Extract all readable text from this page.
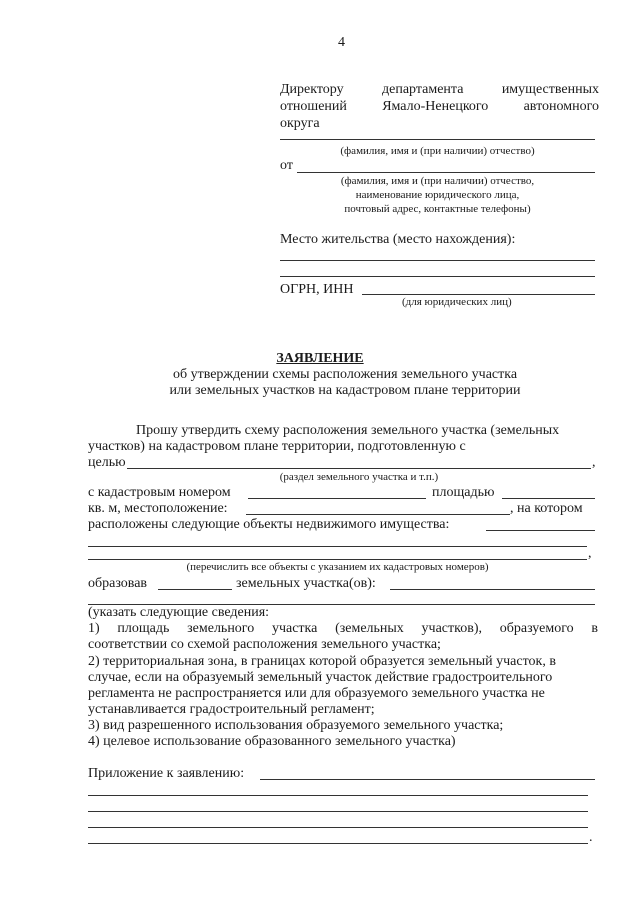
4
Директору	департамента	имущественных
отношений	Ямало-Ненецкого	автономного
округа
(фамилия, имя и (при наличии) отчество)
от
(фамилия, имя и (при наличии) отчество,
наименование юридического лица,
почтовый адрес, контактные телефоны)
Место жительства (место нахождения):
ОГРН, ИНН
(для юридических лиц)
ЗАЯВЛЕНИЕ
об утверждении схемы расположения земельного участка
или земельных участков на кадастровом плане территории
Прошу утвердить схему расположения земельного участка (земельных
участков) на кадастровом плане территории, подготовленную с
целью	,
(раздел земельного участка и т.п.)
с кадастровым номером	площадью
кв. м, местоположение:	, на котором
расположены следующие объекты недвижимого имущества:
,
(перечислить все объекты с указанием их кадастровых номеров)
образовав	земельных участка(ов):
(указать следующие сведения:
1) площадь земельного участка (земельных участков), образуемого в
соответствии со схемой расположения земельного участка;
2) территориальная зона, в границах которой образуется земельный участок, в
случае, если на образуемый земельный участок действие градостроительного
регламента не распространяется или для образуемого земельного участка не
устанавливается градостроительный регламент;
3) вид разрешенного использования образуемого земельного участка;
4) целевое использование образованного земельного участка)
Приложение к заявлению:
.
